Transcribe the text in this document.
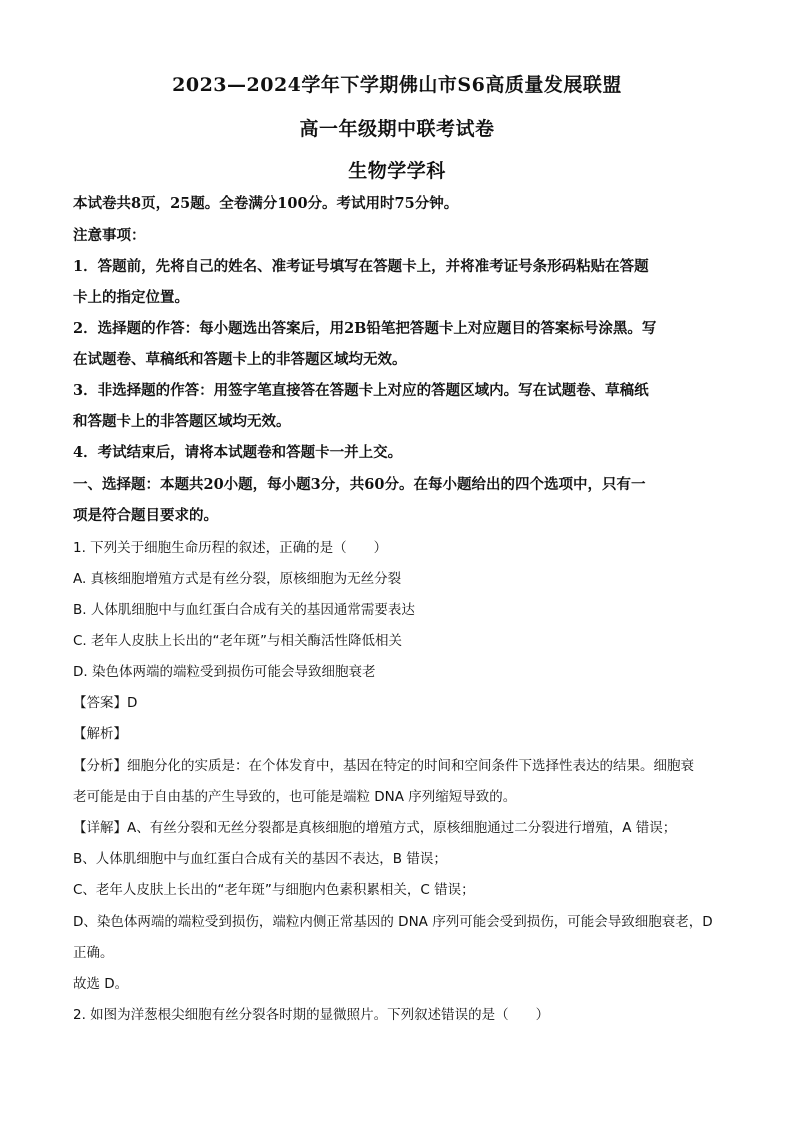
2023—2024学年下学期佛山市S6高质量发展联盟
高一年级期中联考试卷
生物学学科
本试卷共8页，25题。全卷满分100分。考试用时75分钟。
注意事项：
1．答题前，先将自己的姓名、准考证号填写在答题卡上，并将准考证号条形码粘贴在答题
卡上的指定位置。
2．选择题的作答：每小题选出答案后，用2B铅笔把答题卡上对应题目的答案标号涂黑。写
在试题卷、草稿纸和答题卡上的非答题区域均无效。
3．非选择题的作答：用签字笔直接答在答题卡上对应的答题区域内。写在试题卷、草稿纸
和答题卡上的非答题区域均无效。
4．考试结束后，请将本试题卷和答题卡一并上交。
一、选择题：本题共20小题，每小题3分，共60分。在每小题给出的四个选项中，只有一
项是符合题目要求的。
1. 下列关于细胞生命历程的叙述，正确的是（　　）
A. 真核细胞增殖方式是有丝分裂，原核细胞为无丝分裂
B. 人体肌细胞中与血红蛋白合成有关的基因通常需要表达
C. 老年人皮肤上长出的“老年斑”与相关酶活性降低相关
D. 染色体两端的端粒受到损伤可能会导致细胞衰老
【答案】D
【解析】
【分析】细胞分化的实质是：在个体发育中，基因在特定的时间和空间条件下选择性表达的结果。细胞衰
老可能是由于自由基的产生导致的，也可能是端粒 DNA 序列缩短导致的。
【详解】A、有丝分裂和无丝分裂都是真核细胞的增殖方式，原核细胞通过二分裂进行增殖，A 错误；
B、人体肌细胞中与血红蛋白合成有关的基因不表达，B 错误；
C、老年人皮肤上长出的“老年斑”与细胞内色素积累相关，C 错误；
D、染色体两端的端粒受到损伤，端粒内侧正常基因的 DNA 序列可能会受到损伤，可能会导致细胞衰老，D
正确。
故选 D。
2. 如图为洋葱根尖细胞有丝分裂各时期的显微照片。下列叙述错误的是（　　）
